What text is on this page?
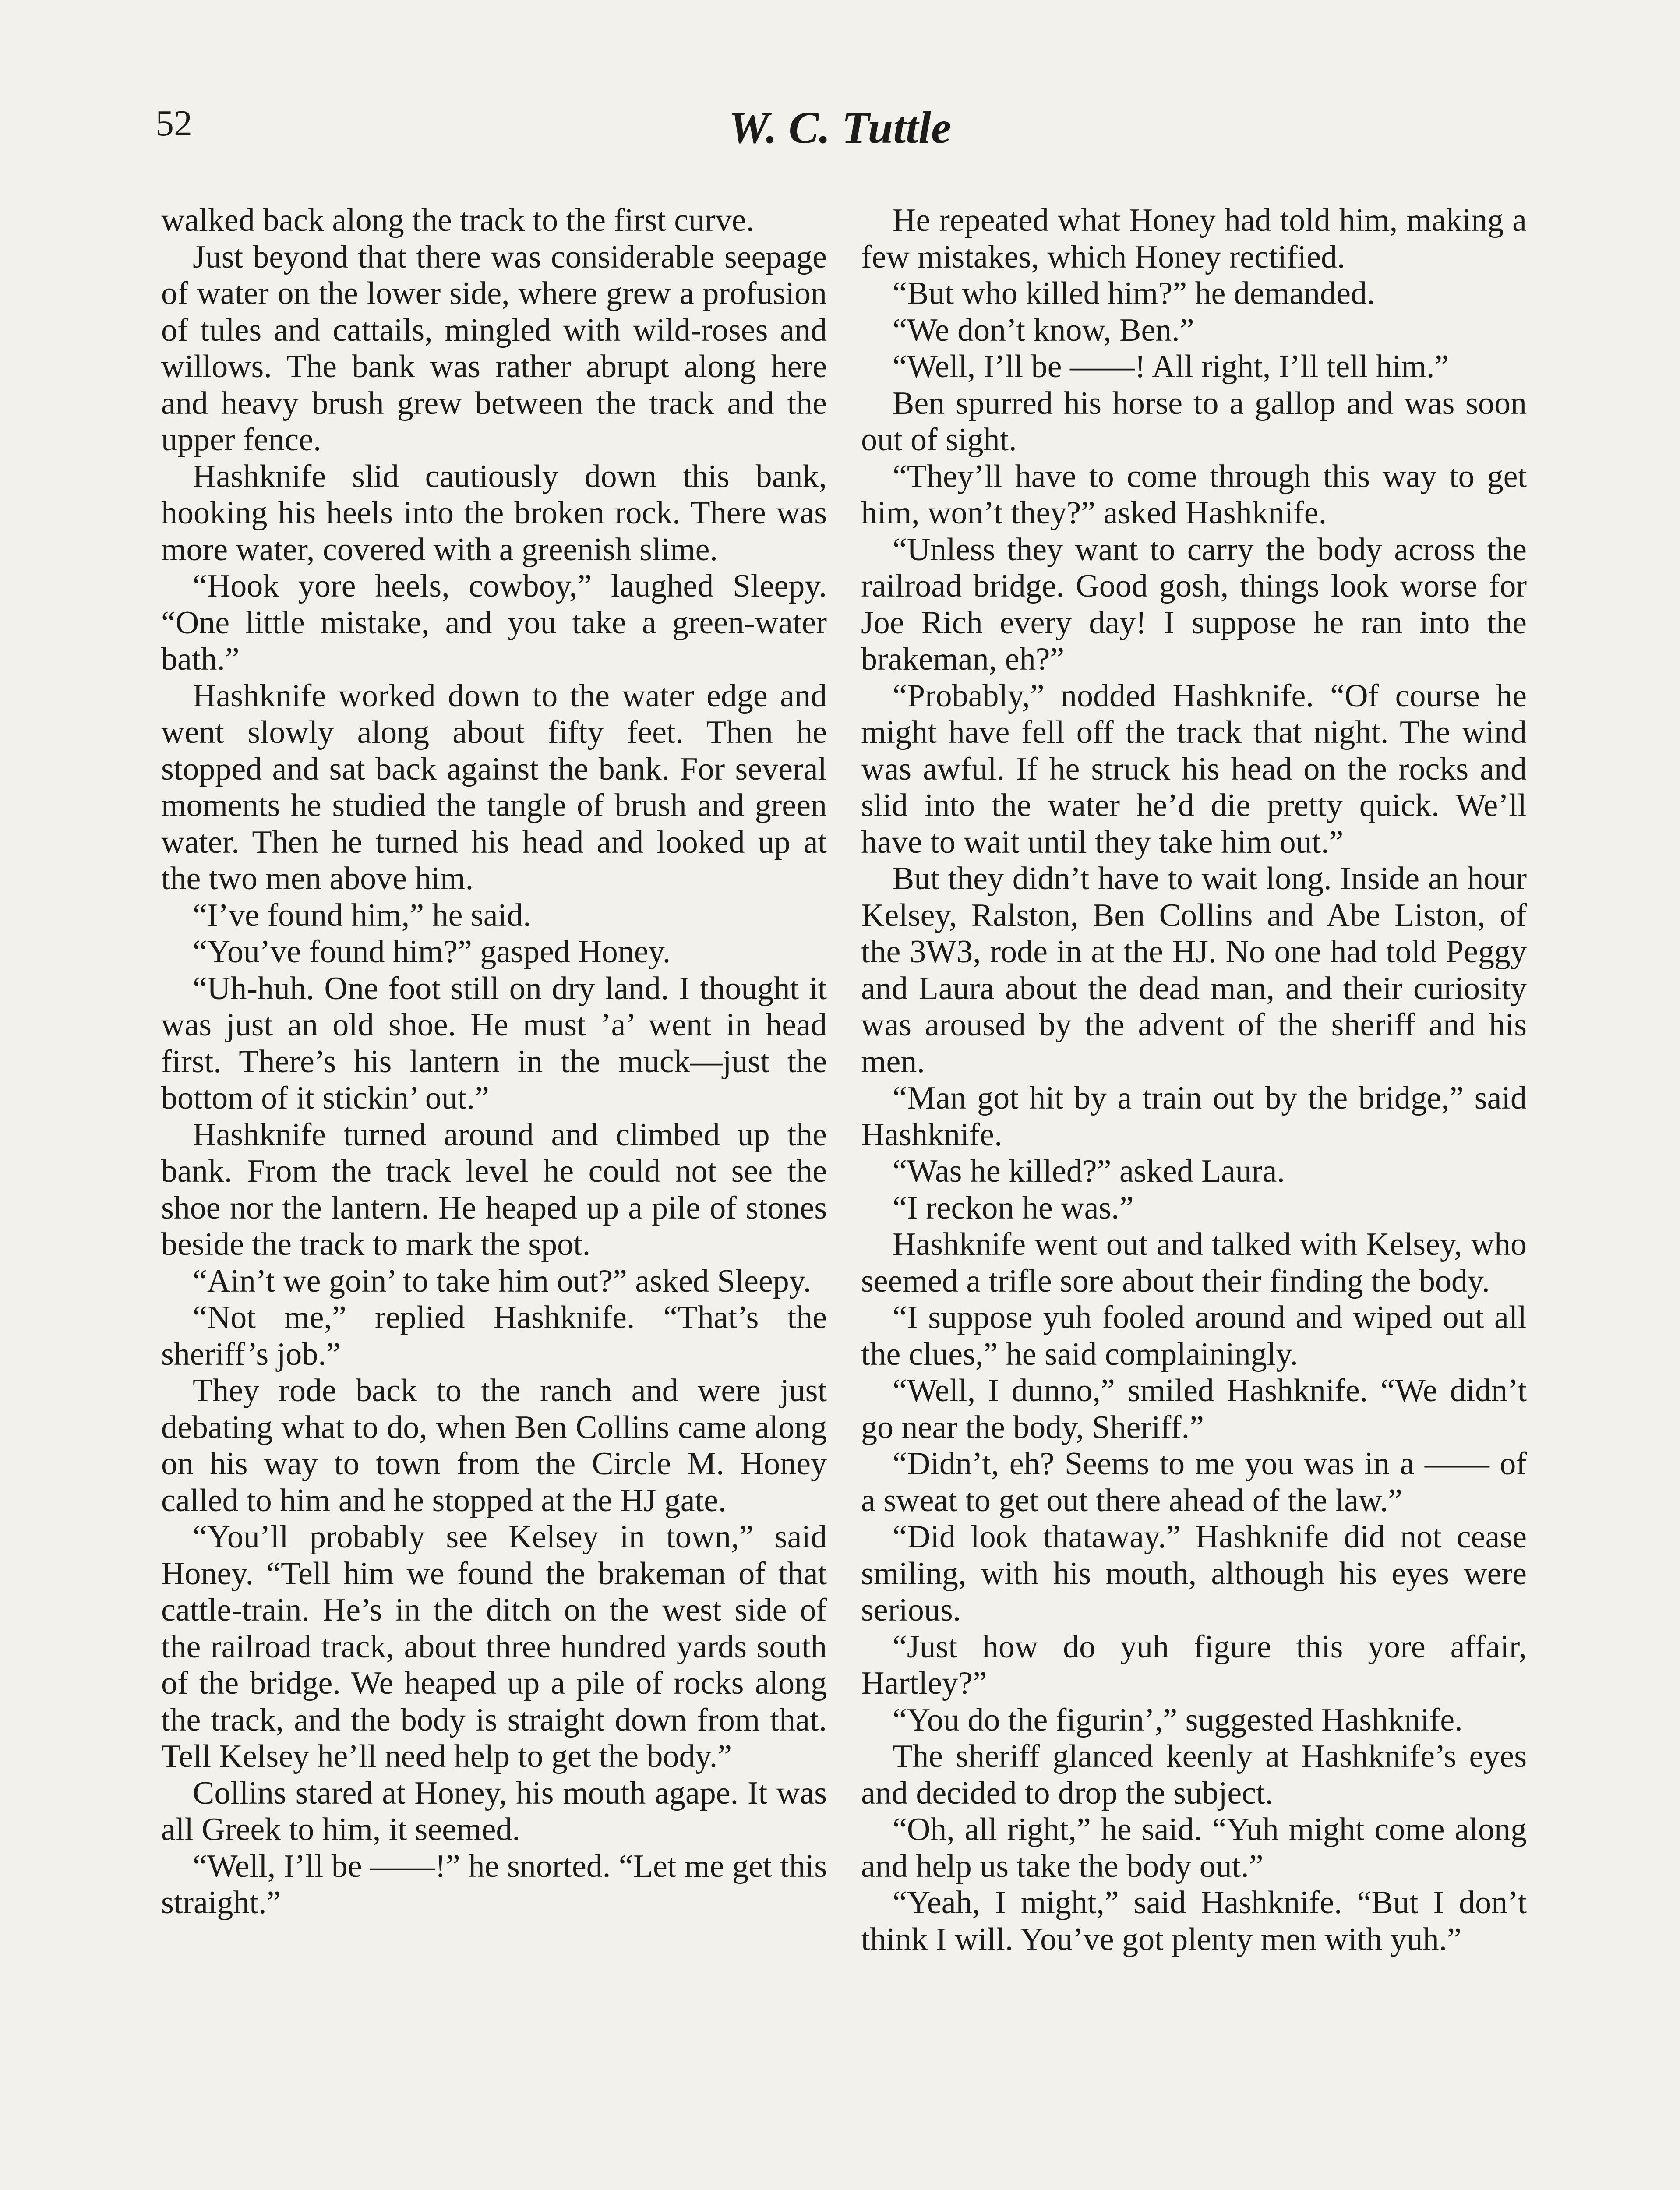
52	W. C. Tuttle

walked back along the track to the first curve.

Just beyond that there was considerable seepage of water on the lower side, where grew a profusion of tules and cattails, mingled with wild-roses and willows. The bank was rather abrupt along here and heavy brush grew between the track and the upper fence.

Hashknife slid cautiously down this bank, hooking his heels into the broken rock. There was more water, covered with a greenish slime.

“Hook yore heels, cowboy,” laughed Sleepy. “One little mistake, and you take a green-water bath.”

Hashknife worked down to the water edge and went slowly along about fifty feet. Then he stopped and sat back against the bank. For several moments he studied the tangle of brush and green water. Then he turned his head and looked up at the two men above him.

“I’ve found him,” he said.

“You’ve found him?” gasped Honey.

“Uh-huh. One foot still on dry land. I thought it was just an old shoe. He must ’a’ went in head first. There’s his lantern in the muck—just the bottom of it stickin’ out.”

Hashknife turned around and climbed up the bank. From the track level he could not see the shoe nor the lantern. He heaped up a pile of stones beside the track to mark the spot.

“Ain’t we goin’ to take him out?” asked Sleepy.

“Not me,” replied Hashknife. “That’s the sheriff’s job.”

They rode back to the ranch and were just debating what to do, when Ben Collins came along on his way to town from the Circle M. Honey called to him and he stopped at the HJ gate.

“You’ll probably see Kelsey in town,” said Honey. “Tell him we found the brakeman of that cattle-train. He’s in the ditch on the west side of the railroad track, about three hundred yards south of the bridge. We heaped up a pile of rocks along the track, and the body is straight down from that. Tell Kelsey he’ll need help to get the body.”

Collins stared at Honey, his mouth agape. It was all Greek to him, it seemed.

“Well, I’ll be ——!” he snorted. “Let me get this straight.”

He repeated what Honey had told him, making a few mistakes, which Honey rectified.

“But who killed him?” he demanded.

“We don’t know, Ben.”

“Well, I’ll be ——! All right, I’ll tell him.”

Ben spurred his horse to a gallop and was soon out of sight.

“They’ll have to come through this way to get him, won’t they?” asked Hashknife.

“Unless they want to carry the body across the railroad bridge. Good gosh, things look worse for Joe Rich every day! I suppose he ran into the brakeman, eh?”

“Probably,” nodded Hashknife. “Of course he might have fell off the track that night. The wind was awful. If he struck his head on the rocks and slid into the water he’d die pretty quick. We’ll have to wait until they take him out.”

But they didn’t have to wait long. Inside an hour Kelsey, Ralston, Ben Collins and Abe Liston, of the 3W3, rode in at the HJ. No one had told Peggy and Laura about the dead man, and their curiosity was aroused by the advent of the sheriff and his men.

“Man got hit by a train out by the bridge,” said Hashknife.

“Was he killed?” asked Laura.

“I reckon he was.”

Hashknife went out and talked with Kelsey, who seemed a trifle sore about their finding the body.

“I suppose yuh fooled around and wiped out all the clues,” he said complainingly.

“Well, I dunno,” smiled Hashknife. “We didn’t go near the body, Sheriff.”

“Didn’t, eh? Seems to me you was in a —— of a sweat to get out there ahead of the law.”

“Did look thataway.” Hashknife did not cease smiling, with his mouth, although his eyes were serious.

“Just how do yuh figure this yore affair, Hartley?”

“You do the figurin’,” suggested Hashknife.

The sheriff glanced keenly at Hashknife’s eyes and decided to drop the subject.

“Oh, all right,” he said. “Yuh might come along and help us take the body out.”

“Yeah, I might,” said Hashknife. “But I don’t think I will. You’ve got plenty men with yuh.”
